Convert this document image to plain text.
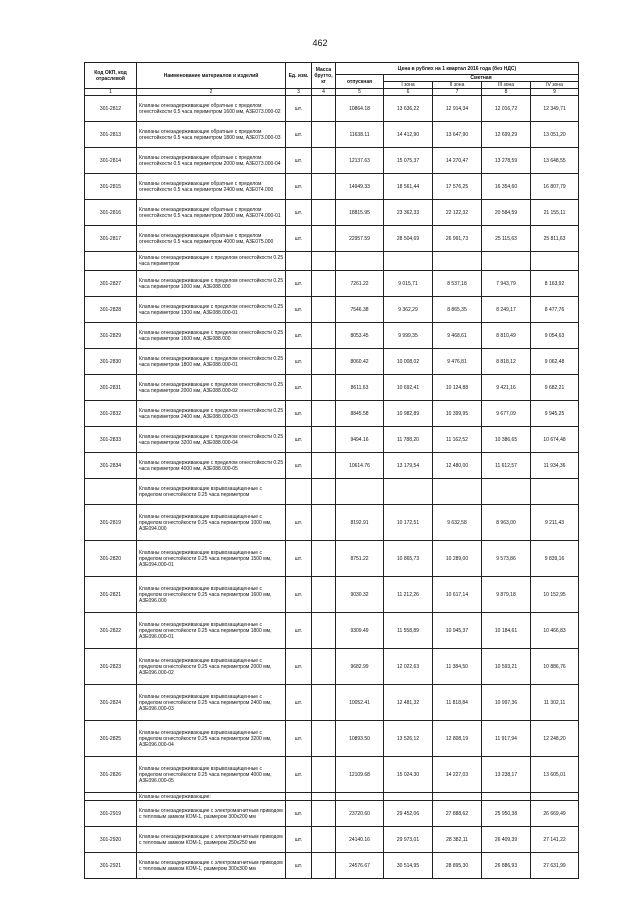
462
Код ОКП, код отраслевой	Наименование материалов и изделий	Ед. изм.	Масса брутто, кг	Цена в рублях на 1 квартал 2016 года (без НДС)				
				отпускная	Сметная			
					I зона	II зона	III зона	IV зона
1	2	3	4	5	6	7	8	9
301-2812	Клапаны огнезадерживающие обратные с пределом огнестойкости 0.5 часа периметром 1600 мм, А3Е073.000-02	шт.		10864.18	13 636,22	12 914,34	12 016,72	12 349,71
301-2813	Клапаны огнезадерживающие обратные с пределом огнестойкости 0.5 часа периметром 1800 мм, А3Е073.000-03	шт.		11638.11	14 412,90	13 647,90	12 699,29	13 051,20
301-2814	Клапаны огнезадерживающие обратные с пределом огнестойкости 0.5 часа периметром 2000 мм, А3Е073.000-04	шт.		12137.63	15 075,37	14 270,47	13 278,59	13 648,55
301-2815	Клапаны огнезадерживающие обратные с пределом огнестойкости 0.5 часа периметром 2400 мм, А3Е074.000	шт.		14949.33	18 561,44	17 576,25	16 354,60	16 807,79
301-2816	Клапаны огнезадерживающие обратные с пределом огнестойкости 0.5 часа периметром 2800 мм, А3Е074.000-01	шт.		18815.95	23 362,33	22 122,32	20 584,59	21 155,11
301-2817	Клапаны огнезадерживающие обратные с пределом огнестойкости 0.5 часа периметром 4000 мм, А3Е075.000	шт.		22957.59	28 504,69	26 991,73	25 115,63	25 811,63
	Клапаны огнезадерживающие с пределом огнестойкости 0.25 часа периметром							
301-2827	Клапаны огнезадерживающие с пределом огнестойкости 0.25 часа периметром 1000 мм, А3Е088.000	шт.		7261.22	9 015,71	8 537,18	7 943,79	8 163,92
301-2828	Клапаны огнезадерживающие с пределом огнестойкости 0.25 часа периметром 1300 мм, А3Е088.000-01	шт.		7546.38	9 362,29	8 865,35	8 249,17	8 477,76
301-2829	Клапаны огнезадерживающие с пределом огнестойкости 0.25 часа периметром 1600 мм, А3Е088.000	шт.		8053.45	9 999,35	9 468,61	8 810,49	9 054,63
301-2830	Клапаны огнезадерживающие с пределом огнестойкости 0.25 часа периметром 1800 мм, А3Е088.000-01	шт.		8060.42	10 008,02	9 476,81	8 818,12	9 062,48
301-2831	Клапаны огнезадерживающие с пределом огнестойкости 0.25 часа периметром 2000 мм, А3Е088.000-02	шт.		8611.63	10 692,41	10 124,88	9 421,16	9 682,21
301-2832	Клапаны огнезадерживающие с пределом огнестойкости 0.25 часа периметром 2400 мм, А3Е088.000-03	шт.		8845.58	10 982,89	10 399,95	9 677,09	9 945,25
301-2833	Клапаны огнезадерживающие с пределом огнестойкости 0.25 часа периметром 3200 мм, А3Е088.000-04	шт.		9494.16	11 788,20	11 162,52	10 386,65	10 674,48
301-2834	Клапаны огнезадерживающие с пределом огнестойкости 0.25 часа периметром 4000 мм, А3Е088.000-05	шт.		10614.76	13 179,54	12 480,00	11 612,57	11 934,36
	Клапаны огнезадерживающие взрывозащищенные с пределом огнестойкости 0.25 часа периметром							
301-2819	Клапаны огнезадерживающие взрывозащищенные с пределом огнестойкости 0.25 часа периметром 1000 мм, А3Е094.000	шт.		8192.91	10 172,51	9 632,58	8 963,00	9 211,43
301-2820	Клапаны огнезадерживающие взрывозащищенные с пределом огнестойкости 0.25 часа периметром 1500 мм, А3Е094.000-01	шт.		8751.22	10 865,73	10 289,00	9 573,86	9 839,16
301-2821	Клапаны огнезадерживающие взрывозащищенные с пределом огнестойкости 0.25 часа периметром 1600 мм, А3Е096.000	шт.		9030.32	11 212,26	10 617,14	9 879,18	10 152,95
301-2822	Клапаны огнезадерживающие взрывозащищенные с пределом огнестойкости 0.25 часа периметром 1800 мм, А3Е096.000-01	шт.		9309.49	11 558,89	10 945,37	10 184,61	10 466,83
301-2823	Клапаны огнезадерживающие взрывозащищенные с пределом огнестойкости 0.25 часа периметром 2000 мм, А3Е096.000-02	шт.		9682.99	12 022,63	11 384,50	10 593,21	10 886,76
301-2824	Клапаны огнезадерживающие взрывозащищенные с пределом огнестойкости 0.25 часа периметром 2400 мм, А3Е096.000-03	шт.		10052.41	12 481,32	11 818,84	10 997,36	11 302,11
301-2825	Клапаны огнезадерживающие взрывозащищенные с пределом огнестойкости 0.25 часа периметром 3200 мм, А3Е096.000-04	шт.		10893.50	13 526,12	12 808,19	11 917,94	12 248,20
301-2826	Клапаны огнезадерживающие взрывозащищенные с пределом огнестойкости 0.25 часа периметром 4000 мм, А3Е096.000-05	шт.		12109.68	15 024.30	14 227,03	13 238,17	13 605,01
	Клапаны огнезадерживающие:							
301-2919	Клапаны огнезадерживающие с электромагнитным приводом с тепловым замком КОМ-1, размером 300х200 мм	шт.		23720.60	29 452,06	27 888,62	25 950,38	26 669,49
301-2920	Клапаны огнезадерживающие с электромагнитным приводом с тепловым замком КОМ-1, размером 250х250 мм	шт.		24140.16	29 973,01	28 382,11	26 409,39	27 141,22
301-2921	Клапаны огнезадерживающие с электромагнитным приводом с тепловым замком КОМ-1, размером 300х300 мм	шт.		24576.67	30 514,95	28 895,30	26 886,93	27 631,99
